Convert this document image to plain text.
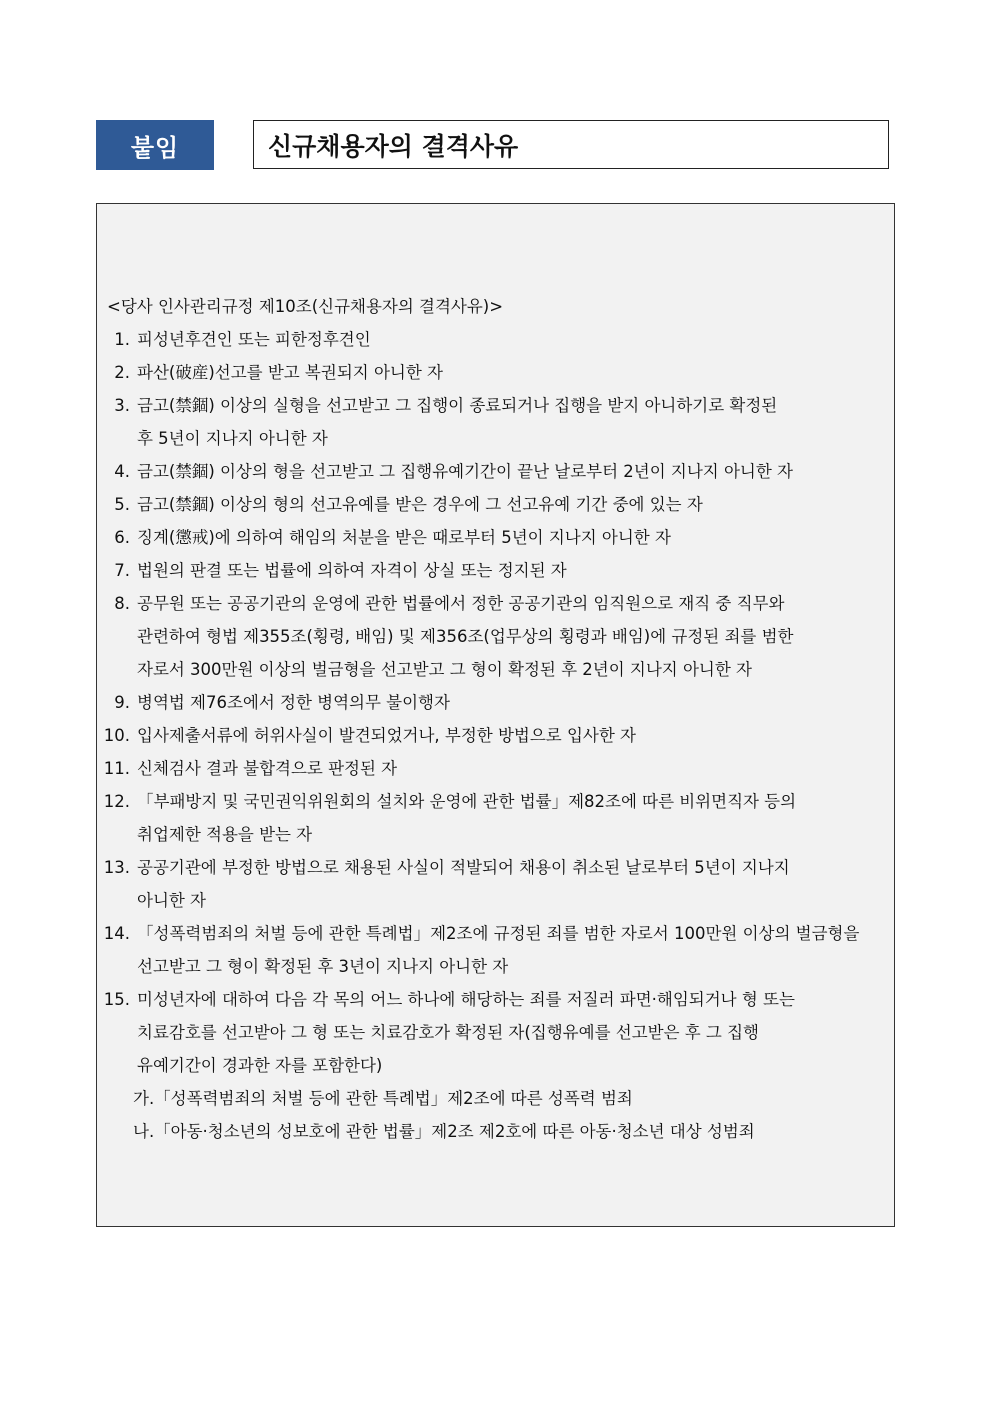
붙임	신규채용자의 결격사유
<당사 인사관리규정 제10조(신규채용자의 결격사유)>
1. 피성년후견인 또는 피한정후견인
2. 파산(破産)선고를 받고 복권되지 아니한 자
3. 금고(禁錮) 이상의 실형을 선고받고 그 집행이 종료되거나 집행을 받지 아니하기로 확정된
후 5년이 지나지 아니한 자
4. 금고(禁錮) 이상의 형을 선고받고 그 집행유예기간이 끝난 날로부터 2년이 지나지 아니한 자
5. 금고(禁錮) 이상의 형의 선고유예를 받은 경우에 그 선고유예 기간 중에 있는 자
6. 징계(懲戒)에 의하여 해임의 처분을 받은 때로부터 5년이 지나지 아니한 자
7. 법원의 판결 또는 법률에 의하여 자격이 상실 또는 정지된 자
8. 공무원 또는 공공기관의 운영에 관한 법률에서 정한 공공기관의 임직원으로 재직 중 직무와
관련하여 형법 제355조(횡령, 배임) 및 제356조(업무상의 횡령과 배임)에 규정된 죄를 범한
자로서 300만원 이상의 벌금형을 선고받고 그 형이 확정된 후 2년이 지나지 아니한 자
9. 병역법 제76조에서 정한 병역의무 불이행자
10. 입사제출서류에 허위사실이 발견되었거나, 부정한 방법으로 입사한 자
11. 신체검사 결과 불합격으로 판정된 자
12. 「부패방지 및 국민권익위원회의 설치와 운영에 관한 법률」제82조에 따른 비위면직자 등의
취업제한 적용을 받는 자
13. 공공기관에 부정한 방법으로 채용된 사실이 적발되어 채용이 취소된 날로부터 5년이 지나지
아니한 자
14. 「성폭력범죄의 처벌 등에 관한 특례법」제2조에 규정된 죄를 범한 자로서 100만원 이상의 벌금형을
선고받고 그 형이 확정된 후 3년이 지나지 아니한 자
15. 미성년자에 대하여 다음 각 목의 어느 하나에 해당하는 죄를 저질러 파면·해임되거나 형 또는
치료감호를 선고받아 그 형 또는 치료감호가 확정된 자(집행유예를 선고받은 후 그 집행
유예기간이 경과한 자를 포함한다)
가.「성폭력범죄의 처벌 등에 관한 특례법」제2조에 따른 성폭력 범죄
나.「아동·청소년의 성보호에 관한 법률」제2조 제2호에 따른 아동·청소년 대상 성범죄
